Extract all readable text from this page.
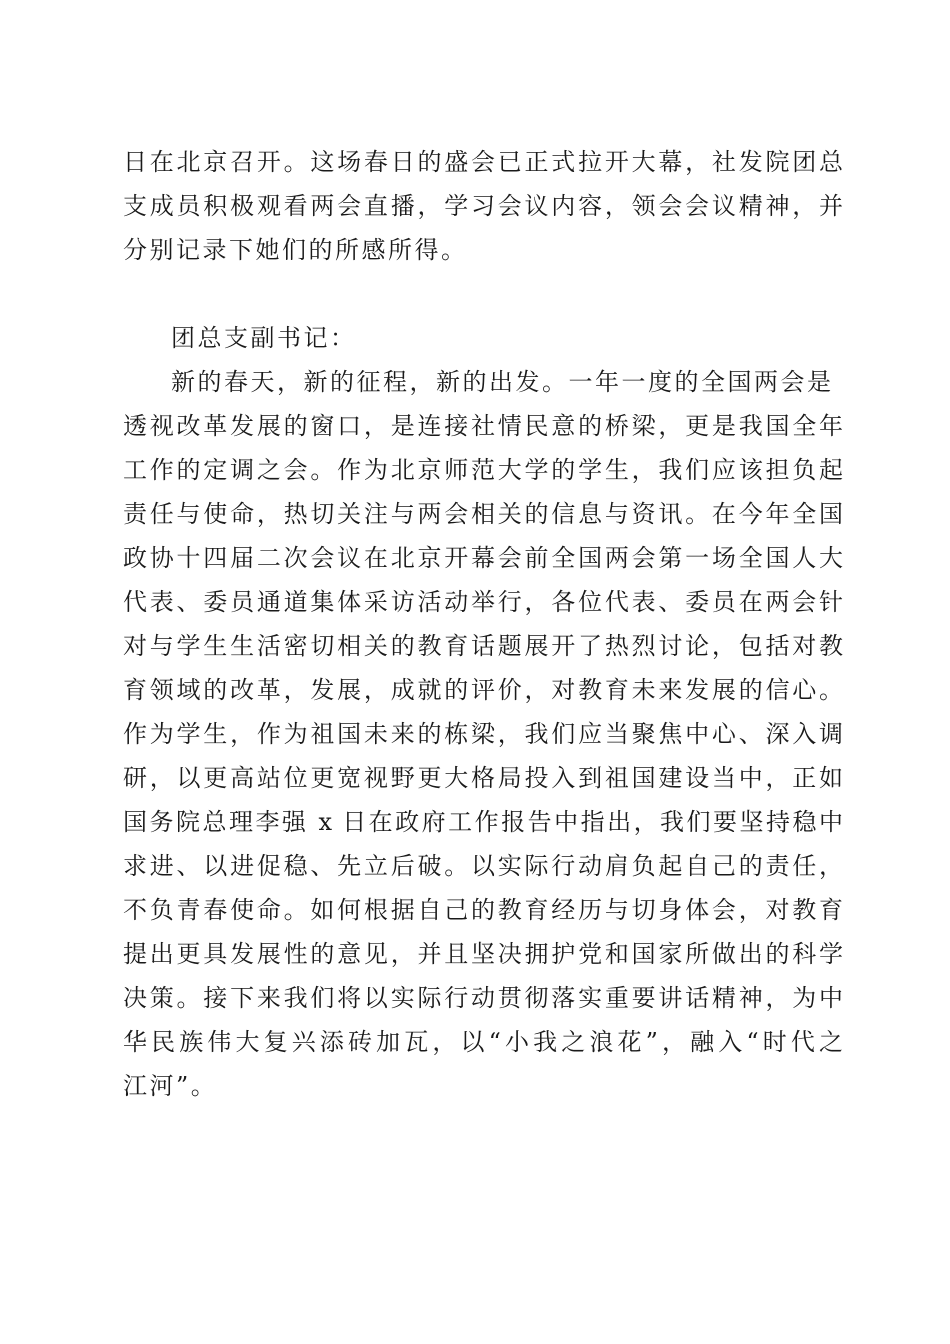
日在北京召开。这场春日的盛会已正式拉开大幕，社发院团总
支成员积极观看两会直播，学习会议内容，领会会议精神，并
分别记录下她们的所感所得。
团总支副书记：
新的春天，新的征程，新的出发。一年一度的全国两会是
透视改革发展的窗口，是连接社情民意的桥梁，更是我国全年
工作的定调之会。作为北京师范大学的学生，我们应该担负起
责任与使命，热切关注与两会相关的信息与资讯。在今年全国
政协十四届二次会议在北京开幕会前全国两会第一场全国人大
代表、委员通道集体采访活动举行，各位代表、委员在两会针
对与学生生活密切相关的教育话题展开了热烈讨论，包括对教
育领域的改革，发展，成就的评价，对教育未来发展的信心。
作为学生，作为祖国未来的栋梁，我们应当聚焦中心、深入调
研，以更高站位更宽视野更大格局投入到祖国建设当中，正如
国务院总理李强 x 日在政府工作报告中指出，我们要坚持稳中
求进、以进促稳、先立后破。以实际行动肩负起自己的责任，
不负青春使命。如何根据自己的教育经历与切身体会，对教育
提出更具发展性的意见，并且坚决拥护党和国家所做出的科学
决策。接下来我们将以实际行动贯彻落实重要讲话精神，为中
华民族伟大复兴添砖加瓦，以“小我之浪花”，融入“时代之
江河”。
